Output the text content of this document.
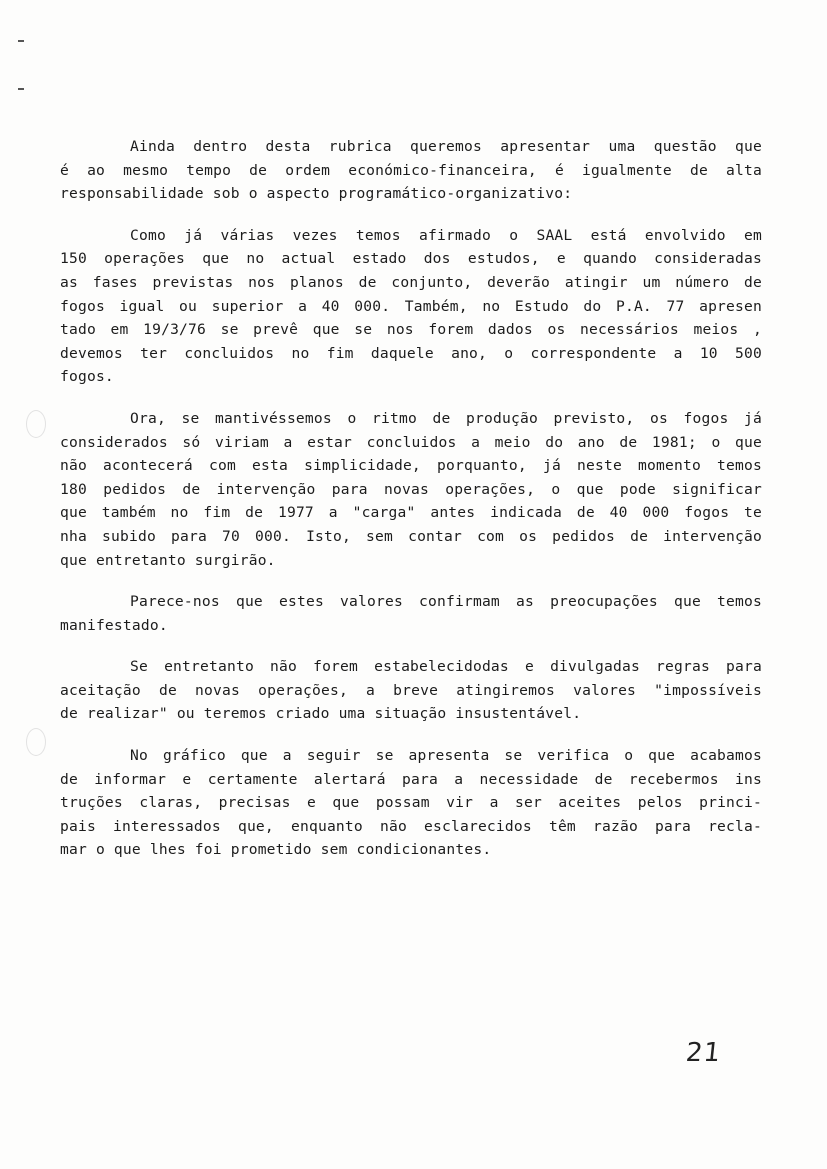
Ainda dentro desta rubrica queremos apresentar uma questão que
é ao mesmo tempo de ordem económico-financeira, é igualmente de alta
responsabilidade sob o aspecto programático-organizativo:
Como já várias vezes temos afirmado o SAAL está envolvido em
150 operações que no actual estado dos estudos, e quando consideradas
as fases previstas nos planos de conjunto, deverão atingir um número de
fogos igual ou superior a 40 000. Também, no Estudo do P.A. 77 apresen
tado em 19/3/76 se prevê que se nos forem dados os necessários meios ,
devemos ter concluidos no fim daquele ano, o correspondente a 10 500
fogos.
Ora, se mantivéssemos o ritmo de produção previsto, os fogos já
considerados só viriam a estar concluidos a meio do ano de 1981; o que
não acontecerá com esta simplicidade, porquanto, já neste momento temos
180 pedidos de intervenção para novas operações, o que pode significar
que também no fim de 1977 a "carga" antes indicada de 40 000 fogos te
nha subido para 70 000. Isto, sem contar com os pedidos de intervenção
que entretanto surgirão.
Parece-nos que estes valores confirmam as preocupações que temos
manifestado.
Se entretanto não forem estabelecidodas e divulgadas regras para
aceitação de novas operações, a breve atingiremos valores "impossíveis
de realizar" ou teremos criado uma situação insustentável.
No gráfico que a seguir se apresenta se verifica o que acabamos
de informar e certamente alertará para a necessidade de recebermos ins
truções claras, precisas e que possam vir a ser aceites pelos princi-
pais interessados que, enquanto não esclarecidos têm razão para recla-
mar o que lhes foi prometido sem condicionantes.
21
